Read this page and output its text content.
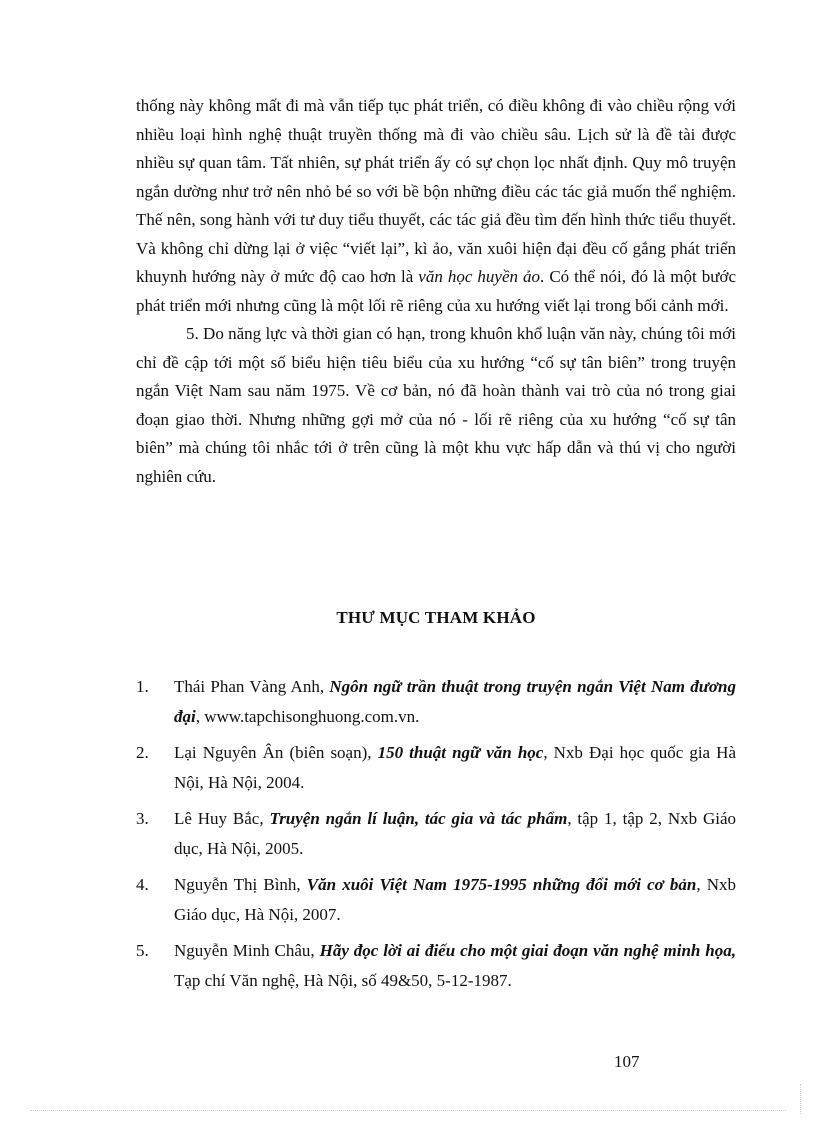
thống này không mất đi mà vẫn tiếp tục phát triển, có điều không đi vào chiều rộng với nhiều loại hình nghệ thuật truyền thống mà đi vào chiều sâu. Lịch sử là đề tài được nhiều sự quan tâm. Tất nhiên, sự phát triển ấy có sự chọn lọc nhất định. Quy mô truyện ngắn dường như trở nên nhỏ bé so với bề bộn những điều các tác giả muốn thể nghiệm. Thế nên, song hành với tư duy tiểu thuyết, các tác giả đều tìm đến hình thức tiểu thuyết. Và không chỉ dừng lại ở việc “viết lại”, kì ảo, văn xuôi hiện đại đều cố gắng phát triển khuynh hướng này ở mức độ cao hơn là văn học huyền ảo. Có thể nói, đó là một bước phát triển mới nhưng cũng là một lối rẽ riêng của xu hướng viết lại trong bối cảnh mới.

5. Do năng lực và thời gian có hạn, trong khuôn khổ luận văn này, chúng tôi mới chỉ đề cập tới một số biểu hiện tiêu biểu của xu hướng “cố sự tân biên” trong truyện ngắn Việt Nam sau năm 1975. Về cơ bản, nó đã hoàn thành vai trò của nó trong giai đoạn giao thời. Nhưng những gợi mở của nó - lối rẽ riêng của xu hướng “cố sự tân biên” mà chúng tôi nhắc tới ở trên cũng là một khu vực hấp dẫn và thú vị cho người nghiên cứu.

THƯ MỤC THAM KHẢO
1. Thái Phan Vàng Anh, Ngôn ngữ trần thuật trong truyện ngắn Việt Nam đương đại, www.tapchisonghuong.com.vn.
2. Lại Nguyên Ân (biên soạn), 150 thuật ngữ văn học, Nxb Đại học quốc gia Hà Nội, Hà Nội, 2004.
3. Lê Huy Bắc, Truyện ngắn lí luận, tác gia và tác phẩm, tập 1, tập 2, Nxb Giáo dục, Hà Nội, 2005.
4. Nguyễn Thị Bình, Văn xuôi Việt Nam 1975-1995 những đổi mới cơ bản, Nxb Giáo dục, Hà Nội, 2007.
5. Nguyễn Minh Châu, Hãy đọc lời ai điếu cho một giai đoạn văn nghệ minh họa, Tạp chí Văn nghệ, Hà Nội, số 49&50, 5-12-1987.
107
